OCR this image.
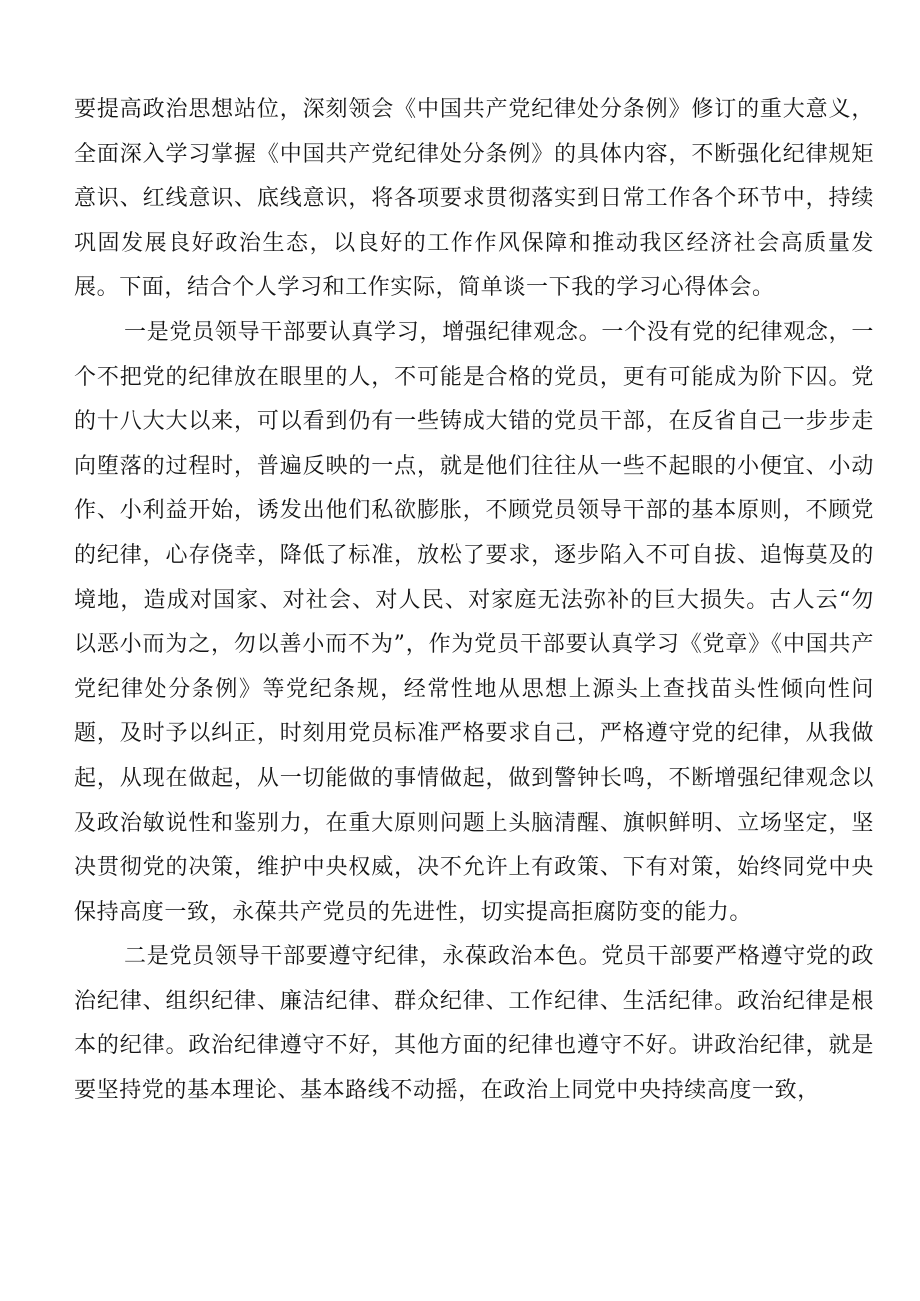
要提高政治思想站位，深刻领会《中国共产党纪律处分条例》修订的重大意义，全面深入学习掌握《中国共产党纪律处分条例》的具体内容，不断强化纪律规矩意识、红线意识、底线意识，将各项要求贯彻落实到日常工作各个环节中，持续巩固发展良好政治生态，以良好的工作作风保障和推动我区经济社会高质量发展。下面，结合个人学习和工作实际，简单谈一下我的学习心得体会。

一是党员领导干部要认真学习，增强纪律观念。一个没有党的纪律观念，一个不把党的纪律放在眼里的人，不可能是合格的党员，更有可能成为阶下囚。党的十八大大以来，可以看到仍有一些铸成大错的党员干部，在反省自己一步步走向堕落的过程时，普遍反映的一点，就是他们往往从一些不起眼的小便宜、小动作、小利益开始，诱发出他们私欲膨胀，不顾党员领导干部的基本原则，不顾党的纪律，心存侥幸，降低了标准，放松了要求，逐步陷入不可自拔、追悔莫及的境地，造成对国家、对社会、对人民、对家庭无法弥补的巨大损失。古人云“勿以恶小而为之，勿以善小而不为”，作为党员干部要认真学习《党章》《中国共产党纪律处分条例》等党纪条规，经常性地从思想上源头上查找苗头性倾向性问题，及时予以纠正，时刻用党员标准严格要求自己，严格遵守党的纪律，从我做起，从现在做起，从一切能做的事情做起，做到警钟长鸣，不断增强纪律观念以及政治敏说性和鉴别力，在重大原则问题上头脑清醒、旗帜鲜明、立场坚定，坚决贯彻党的决策，维护中央权威，决不允许上有政策、下有对策，始终同党中央保持高度一致，永葆共产党员的先进性，切实提高拒腐防变的能力。

二是党员领导干部要遵守纪律，永葆政治本色。党员干部要严格遵守党的政治纪律、组织纪律、廉洁纪律、群众纪律、工作纪律、生活纪律。政治纪律是根本的纪律。政治纪律遵守不好，其他方面的纪律也遵守不好。讲政治纪律，就是要坚持党的基本理论、基本路线不动摇，在政治上同党中央持续高度一致，
